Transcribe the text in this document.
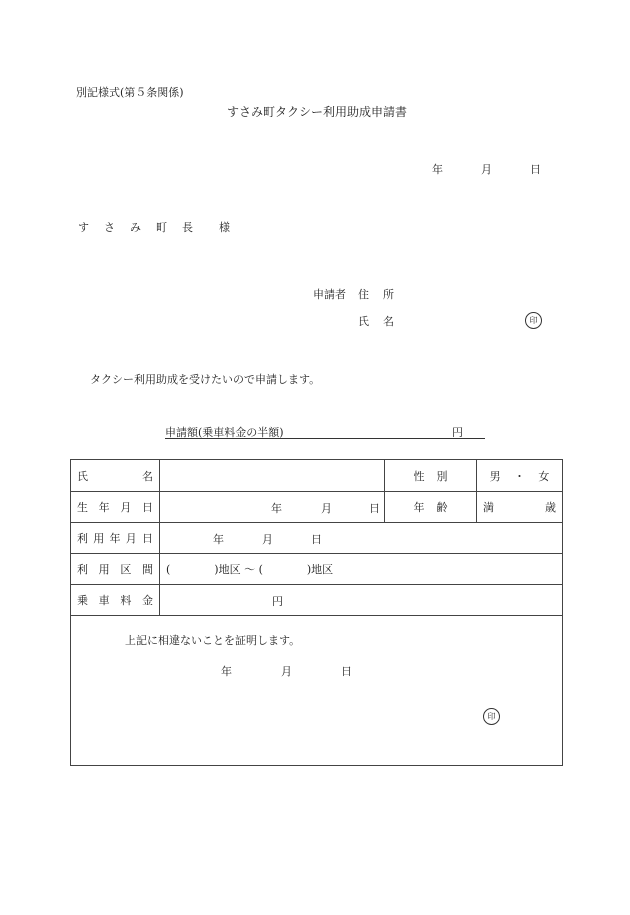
別記様式(第５条関係)
すさみ町タクシー利用助成申請書
年	月	日
す さ み 町 長 様
申請者 住 所
氏 名	印
タクシー利用助成を受けたいので申請します。
申請額(乗車料金の半額)	円
氏 名		性 別	男 ・ 女

生 年 月 日	年 月 日	年 齢	満 歳

利 用 年 月 日	年 月 日		

利 用 区 間	(　　　　)地区 ～ (　　　　)地区		

乗 車 料 金	円		

上記に相違ないことを証明します。
年 月 日
印			
